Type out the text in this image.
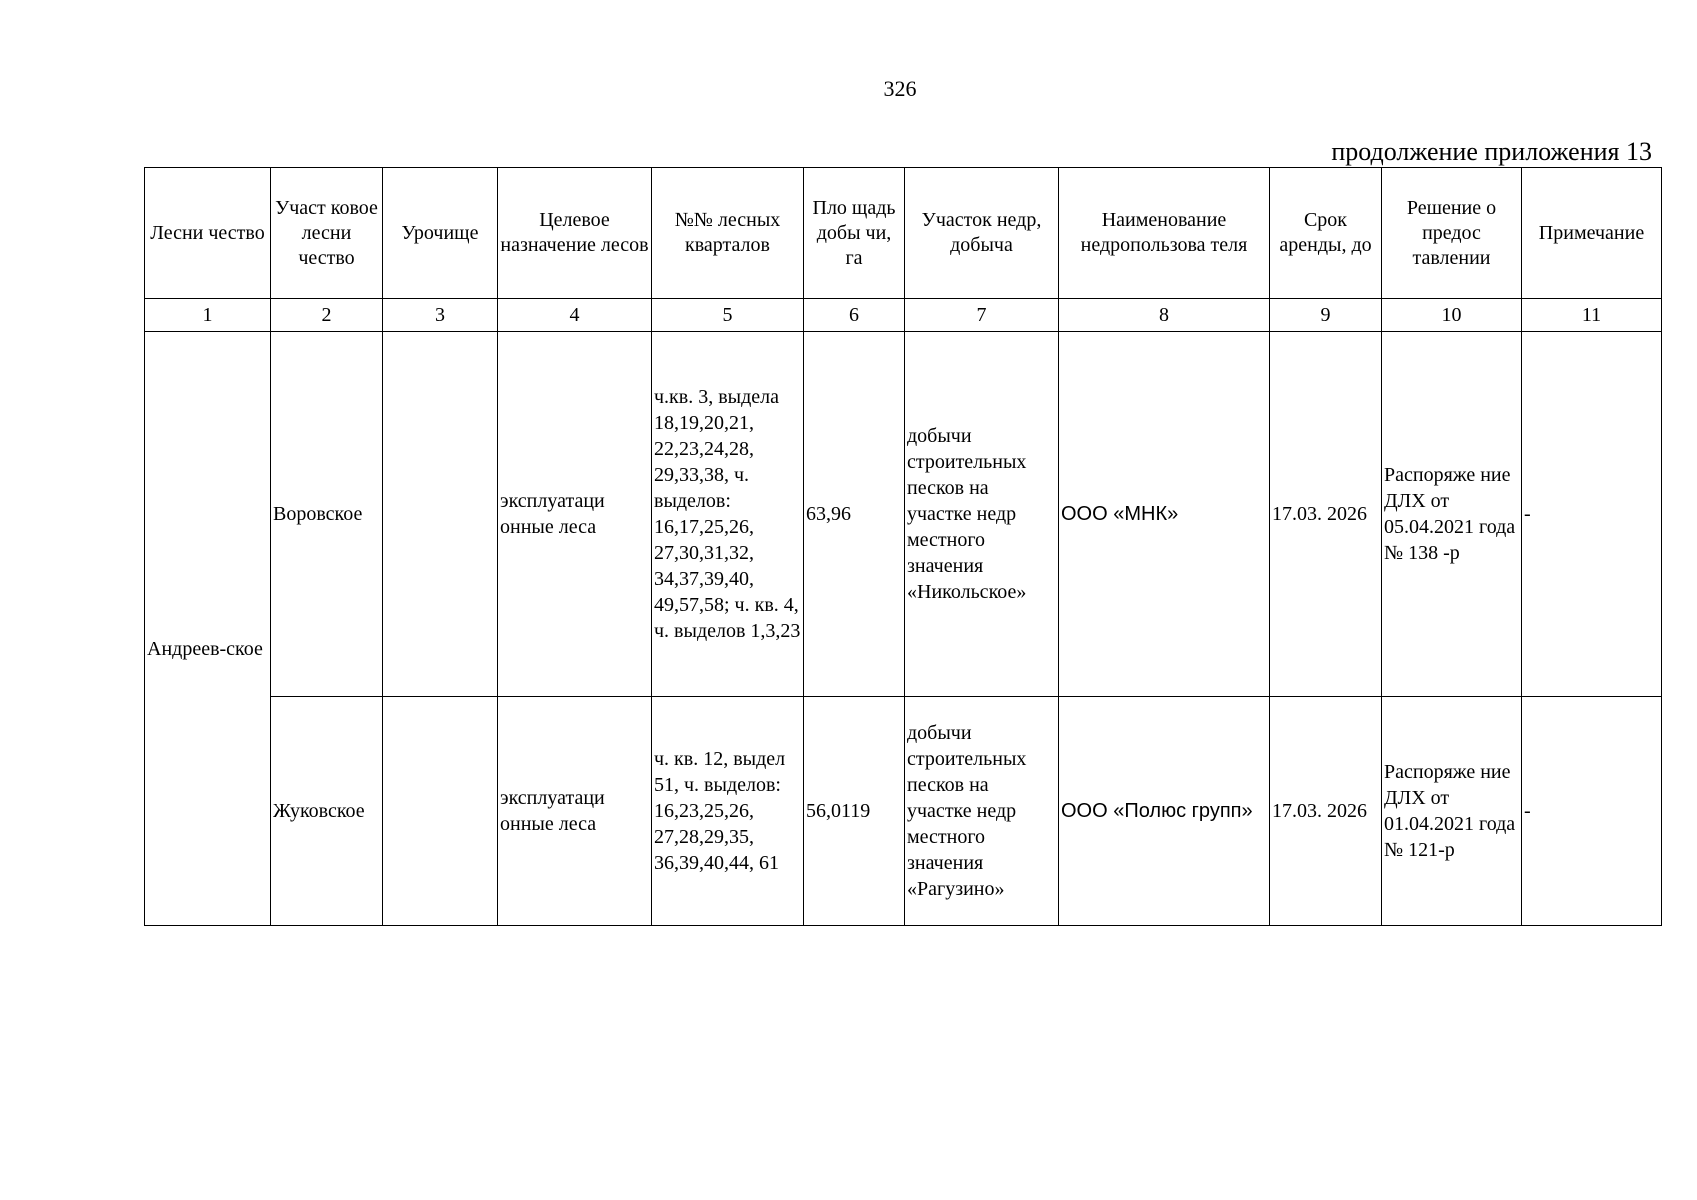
326
продолжение приложения 13
Лесни чество	Участ ковое лесни чество	Урочище	Целевое назначение лесов	№№ лесных кварталов	Пло щадь добы чи, га	Участок недр, добыча	Наименование недропользова теля	Срок аренды, до	Решение о предос тавлении	Примечание
1	2	3	4	5	6	7	8	9	10	11
Андреев-ское	Воровское		эксплуатаци онные леса	ч.кв. 3, выдела 18,19,20,21, 22,23,24,28, 29,33,38, ч. выделов: 16,17,25,26, 27,30,31,32, 34,37,39,40, 49,57,58; ч. кв. 4, ч. выделов 1,3,23	63,96	добычи строительных песков на участке недр местного значения «Никольское»	ООО «МНК»	17.03. 2026	Распоряже ние ДЛХ от 05.04.2021 года № 138 -р	-
	Жуковское		эксплуатаци онные леса	ч. кв. 12, выдел 51, ч. выделов: 16,23,25,26, 27,28,29,35, 36,39,40,44, 61	56,0119	добычи строительных песков на участке недр местного значения «Рагузино»	ООО «Полюс групп»	17.03. 2026	Распоряже ние ДЛХ от 01.04.2021 года № 121-р	-
